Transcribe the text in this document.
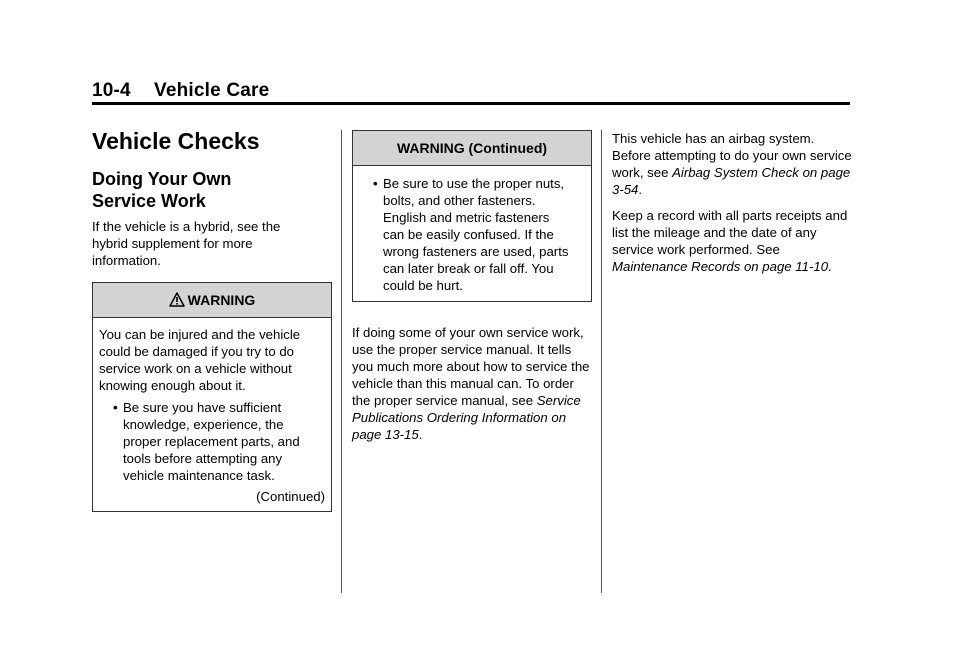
10-4 Vehicle Care
Vehicle Checks
Doing Your Own
Service Work

If the vehicle is a hybrid, see the hybrid supplement for more information.

WARNING
You can be injured and the vehicle could be damaged if you try to do service work on a vehicle without knowing enough about it.
• Be sure you have sufficient knowledge, experience, the proper replacement parts, and tools before attempting any vehicle maintenance task.
(Continued)
WARNING (Continued)
• Be sure to use the proper nuts, bolts, and other fasteners. English and metric fasteners can be easily confused. If the wrong fasteners are used, parts can later break or fall off. You could be hurt.

If doing some of your own service work, use the proper service manual. It tells you much more about how to service the vehicle than this manual can. To order the proper service manual, see Service Publications Ordering Information on page 13-15.

This vehicle has an airbag system. Before attempting to do your own service work, see Airbag System Check on page 3-54.

Keep a record with all parts receipts and list the mileage and the date of any service work performed. See Maintenance Records on page 11-10.
